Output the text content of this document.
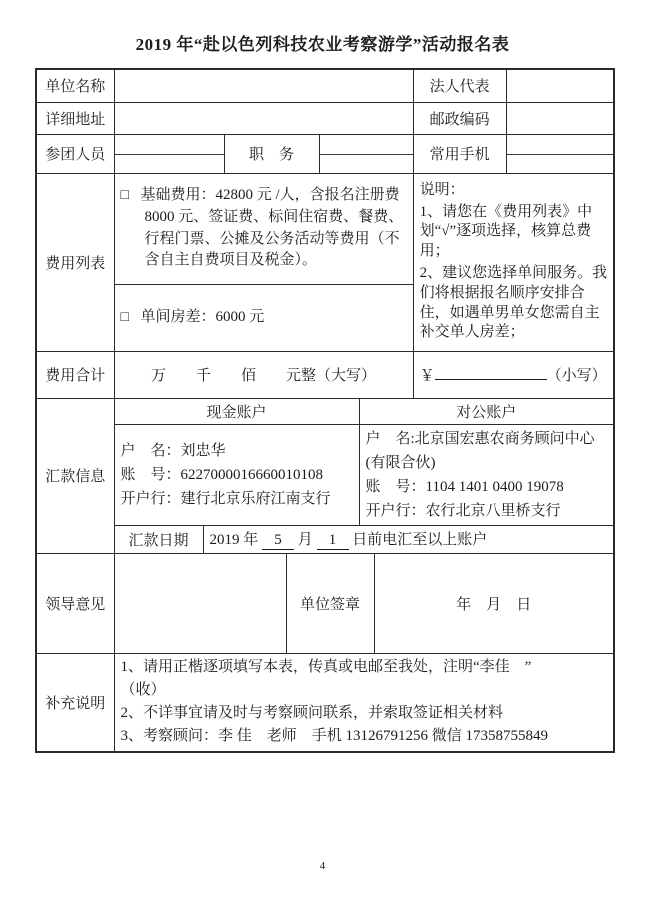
2019 年“赴以色列科技农业考察游学”活动报名表
单位名称								法人代表	
详细地址								邮政编码	
参团人员			职　务					常用手机	

费用列表	□ 基础费用：42800 元 /人，含报名注册费 8000 元、签证费、标间住宿费、餐费、行程门票、公摊及公务活动等费用（不含自主自费项目及税金）。							说明：
1、请您在《费用列表》中划“√”逐项选择，核算总费用；
2、建议您选择单间服务。我们将根据报名顺序安排合住，如遇单男单女您需自主补交单人房差；	

	□ 单间房差：6000 元								

费用合计	万　　千　　佰　　元整（大写）							￥ （小写）	
汇款信息	现金账户					对公账户			

户　名：刘忠华
账　号：6227000016660010108
开户行：建行北京乐府江南支行

户　名:北京国宏惠农商务顾问中心(有限合伙)
账　号：1104 1401 0400 19078
开户行：农行北京八里桥支行

	汇款日期	2019 年 5 月 1 日前电汇至以上账户							
领导意见				单位签章			年　月　日		
补充说明	1、请用正楷逐项填写本表，传真或电邮至我处，注明“李佳　”
（收）
2、不详事宜请及时与考察顾问联系，并索取签证相关材料
3、考察顾问：李 佳　老师　手机 13126791256 微信 17358755849								
4
